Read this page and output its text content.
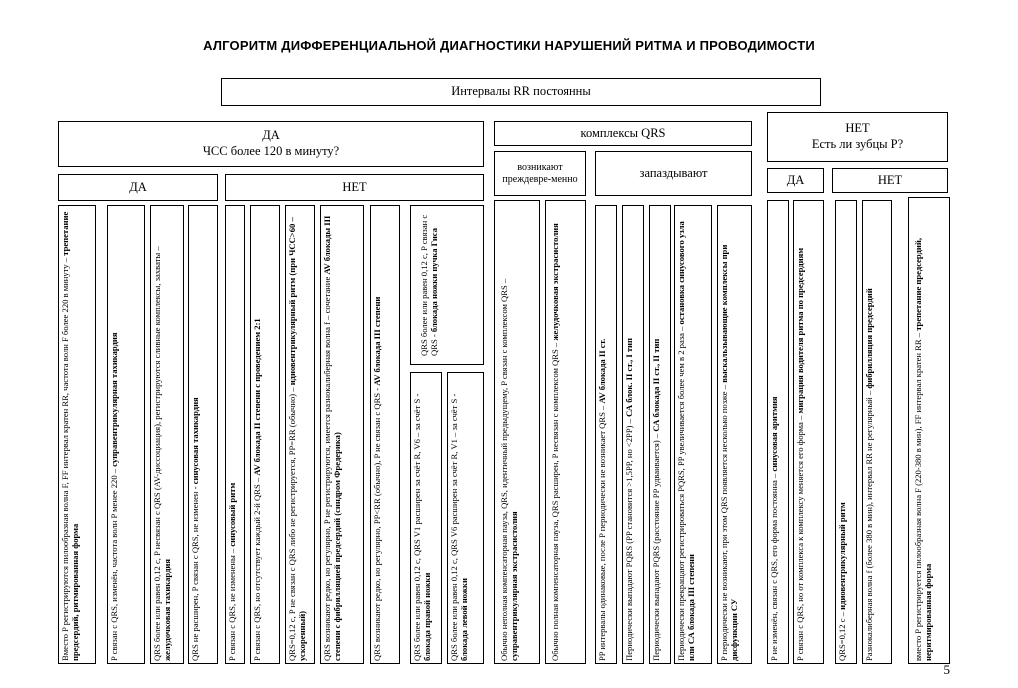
АЛГОРИТМ ДИФФЕРЕНЦИАЛЬНОЙ ДИАГНОСТИКИ НАРУШЕНИЙ РИТМА И ПРОВОДИМОСТИ
Интервалы RR постоянны
ДА
ЧСС более 120 в минуту?
комплексы QRS	НЕТ
Есть ли зубцы P?
ДА	НЕТ
возникают преждевре-менно	запаздывают	ДА	НЕТ
Вместо P регистрируются пилообразная волна F, FF интервал кратен RR, частота волн F более 220 в минуту – трепетание предсердий, ритмированная форма	P связан с QRS, изменён, частота волн P менее 220 – суправентрикулярная тахикардия	QRS более или равен 0,12 с, P несвязан с QRS (AV-диссоциация), регистрируются сливные комплексы, захваты – желудочковая тахикардия QRS не расширен, P связан с QRS, не изменен - синусовая тахикардия
P связан с QRS, не изменены – синусовый ритм P связан с QRS, но отсутствует каждый 2-й QRS – AV блокада II степени с проведением 2:1	QRS=0,12 с, P не связан с QRS либо не регистрируется, PP=RR (обычно) – идиовентрикулярный ритм (при ЧСС>60 – ускоренный) QRS возникают редко, но регулярно, P не регистрируются, имеется разнокалиберная волна f – сочетание AV блокады III степени с фибрилляцией предсердий (синдром Фредерика)	QRS возникают редко, но регулярно, PP<RR (обычно), P не связан с QRS - AV блокада III степени	QRS более или равен 0,12 с, P связан с QRS - блокада ножки пучка Гиса
QRS более или равен 0,12 с, QRS V1 расширен за счёт R, V6 – за счёт S - блокада правой ножки QRS более или равен 0,12 с, QRS V6 расширен за счёт R, V1 – за счёт S - блокада левой ножки	Обычно неполная компенсаторная пауза, QRS, идентичный предыдущему, P связан с комплексом QRS – суправентрикулярная экстрасистолия	Обычно полная компенсаторная пауза, QRS расширен, P несвязан с комплексом QRS – желудочковая экстрасистолия
PP интервалы одинаковые, после P периодически не возникает QRS – AV блокада II ст.
Периодически выпадают PQRS (PP становится >1,5PP, но <2PP) – СА блок. II ст., I тип
Периодически выпадают PQRS (расстояние PP удваивается) – СА блокада II ст., II тип Периодически прекращают регистрироваться PQRS, PP увеличивается более чем в 2 раза – остановка синусового узла или СА блокада III степени	P периодически не возникают, при этом QRS появляется несколько позже – выскальзывающие комплексы при дисфункции СУ	P не изменён, связан с QRS, его форма постоянна – синусовая аритмия P связан с QRS, но от комплекса к комплексу меняется его форма – миграция водителя ритма по предсердиям
QRS=0,12 с – идиовентрикулярный ритм Разнокалиберная волна f (более 380 в мин), интервал RR не регулярный – фибрилляция предсердий	вместо P регистрируется пилообразная волна F (220-380 в мин), FF интервал кратен RR – трепетание предсердий, неритмированная форма
5
